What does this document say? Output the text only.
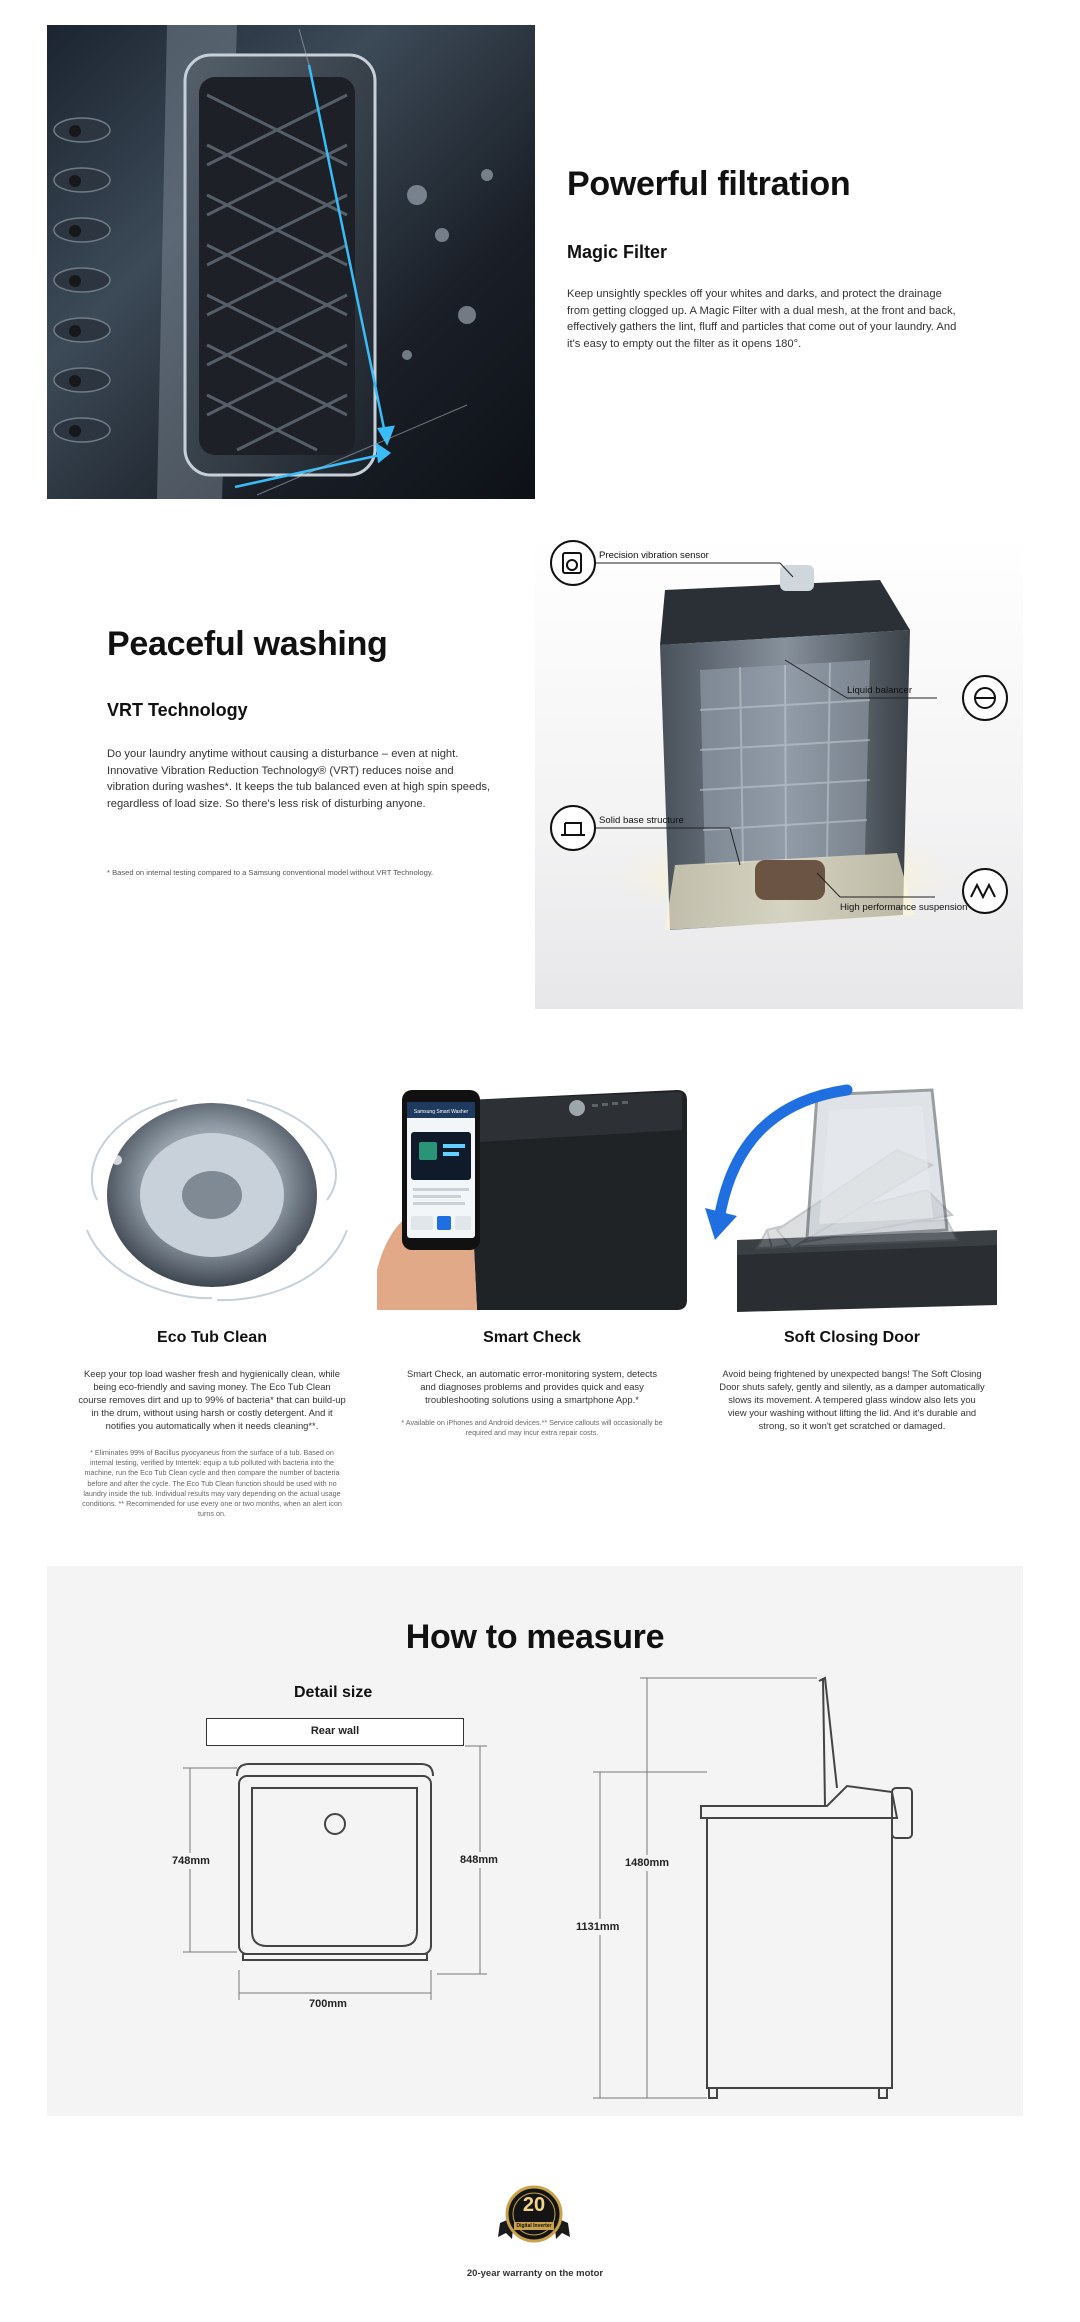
Powerful filtration
Magic Filter
Keep unsightly speckles off your whites and darks, and protect the drainage from getting clogged up. A Magic Filter with a dual mesh, at the front and back, effectively gathers the lint, fluff and particles that come out of your laundry. And it's easy to empty out the filter as it opens 180°.
Peaceful washing
VRT Technology
Do your laundry anytime without causing a disturbance – even at night. Innovative Vibration Reduction Technology® (VRT) reduces noise and vibration during washes*. It keeps the tub balanced even at high spin speeds, regardless of load size. So there's less risk of disturbing anyone.
* Based on internal testing compared to a Samsung conventional model without VRT Technology.
Precision vibration sensor
Liquid balancer
Solid base structure
High performance suspension
Samsung Smart Washer
Eco Tub Clean
Keep your top load washer fresh and hygienically clean, while being eco-friendly and saving money. The Eco Tub Clean course removes dirt and up to 99% of bacteria* that can build-up in the drum, without using harsh or costly detergent. And it notifies you automatically when it needs cleaning**.
* Eliminates 99% of Bacillus pyocyaneus from the surface of a tub. Based on internal testing, verified by Intertek: equip a tub polluted with bacteria into the machine, run the Eco Tub Clean cycle and then compare the number of bacteria before and after the cycle. The Eco Tub Clean function should be used with no laundry inside the tub. Individual results may vary depending on the actual usage conditions. ** Recommended for use every one or two months, when an alert icon turns on.
Smart Check
Smart Check, an automatic error-monitoring system, detects and diagnoses problems and provides quick and easy troubleshooting solutions using a smartphone App.*
* Available on iPhones and Android devices.** Service callouts will occasionally be required and may incur extra repair costs.
Soft Closing Door
Avoid being frightened by unexpected bangs! The Soft Closing Door shuts safely, gently and silently, as a damper automatically slows its movement. A tempered glass window also lets you view your washing without lifting the lid. And it's durable and strong, so it won't get scratched or damaged.
How to measure
Detail size
Rear wall
700mm
748mm	848mm	1480mm
1131mm
20
Digital Inverter
20-year warranty on the motor
